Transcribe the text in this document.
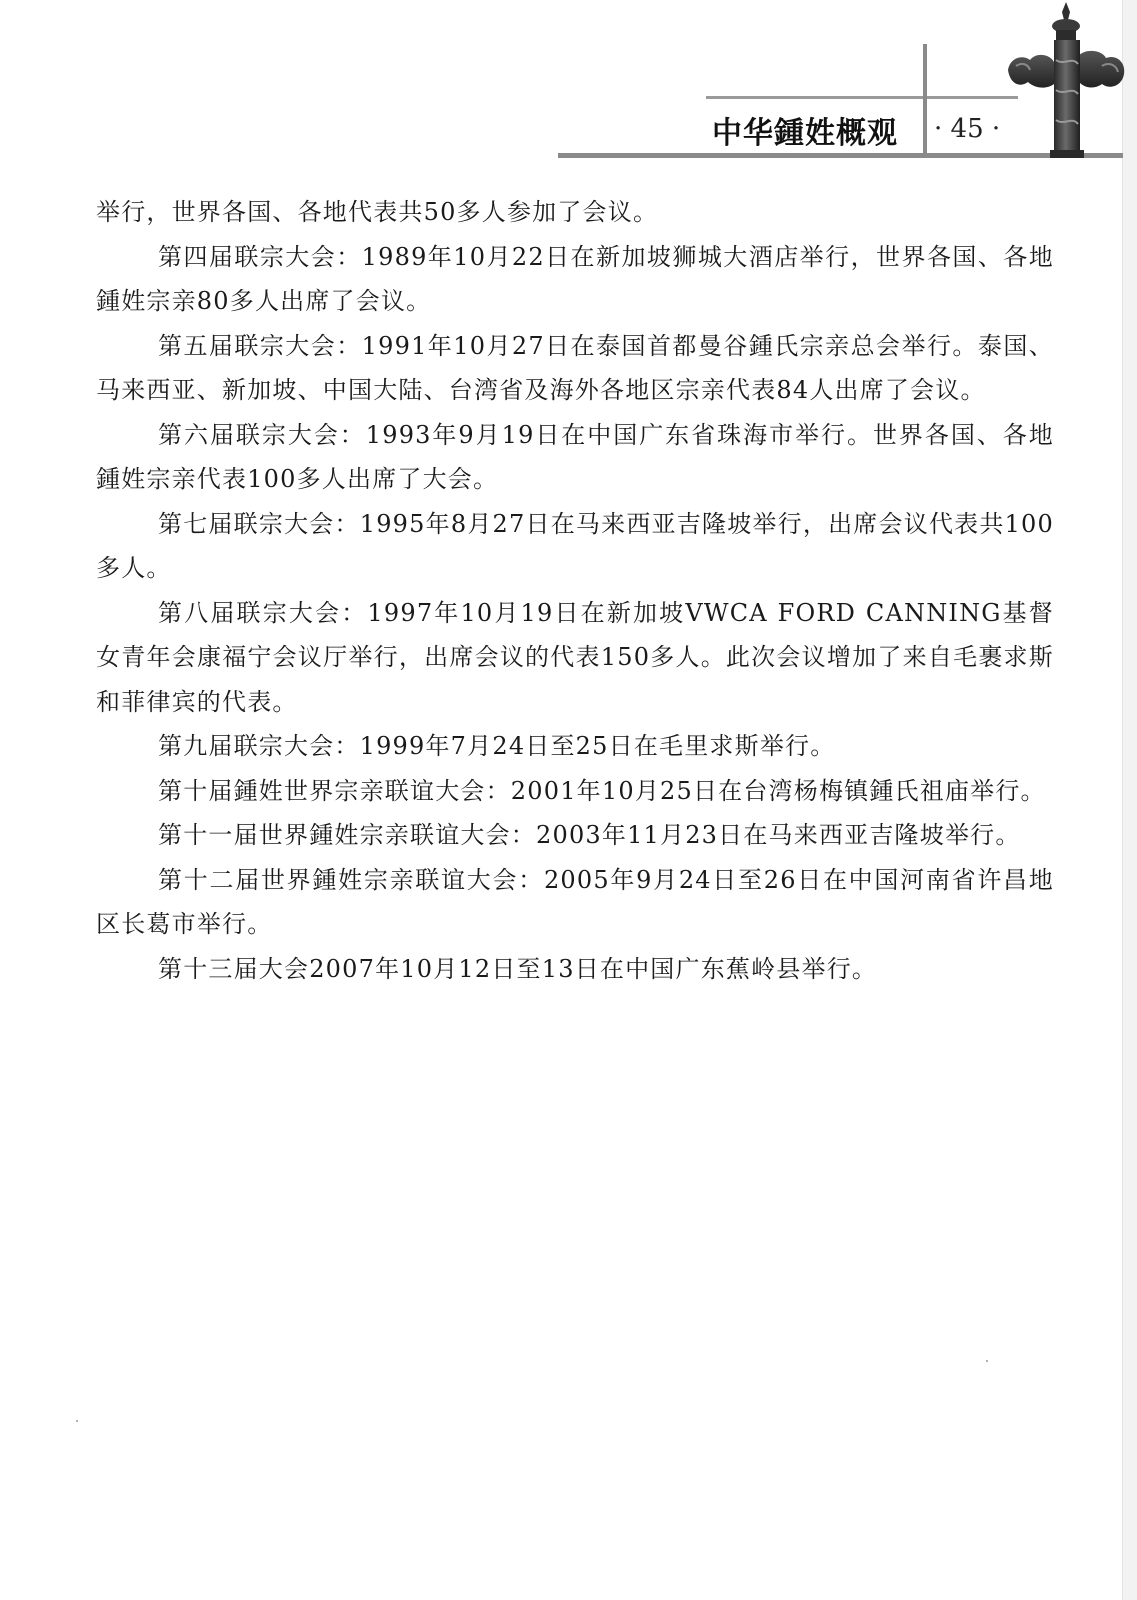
中华鍾姓概观 · 45 ·

举行，世界各国、各地代表共50多人参加了会议。

第四届联宗大会：1989年10月22日在新加坡狮城大酒店举行，世界各国、各地鍾姓宗亲80多人出席了会议。

第五届联宗大会：1991年10月27日在泰国首都曼谷鍾氏宗亲总会举行。泰国、马来西亚、新加坡、中国大陆、台湾省及海外各地区宗亲代表84人出席了会议。

第六届联宗大会：1993年9月19日在中国广东省珠海市举行。世界各国、各地鍾姓宗亲代表100多人出席了大会。

第七届联宗大会：1995年8月27日在马来西亚吉隆坡举行，出席会议代表共100多人。

第八届联宗大会：1997年10月19日在新加坡VWCA FORD CANNING基督女青年会康福宁会议厅举行，出席会议的代表150多人。此次会议增加了来自毛裹求斯和菲律宾的代表。

第九届联宗大会：1999年7月24日至25日在毛里求斯举行。

第十届鍾姓世界宗亲联谊大会：2001年10月25日在台湾杨梅镇鍾氏祖庙举行。

第十一届世界鍾姓宗亲联谊大会：2003年11月23日在马来西亚吉隆坡举行。

第十二届世界鍾姓宗亲联谊大会：2005年9月24日至26日在中国河南省许昌地区长葛市举行。

第十三届大会2007年10月12日至13日在中国广东蕉岭县举行。
